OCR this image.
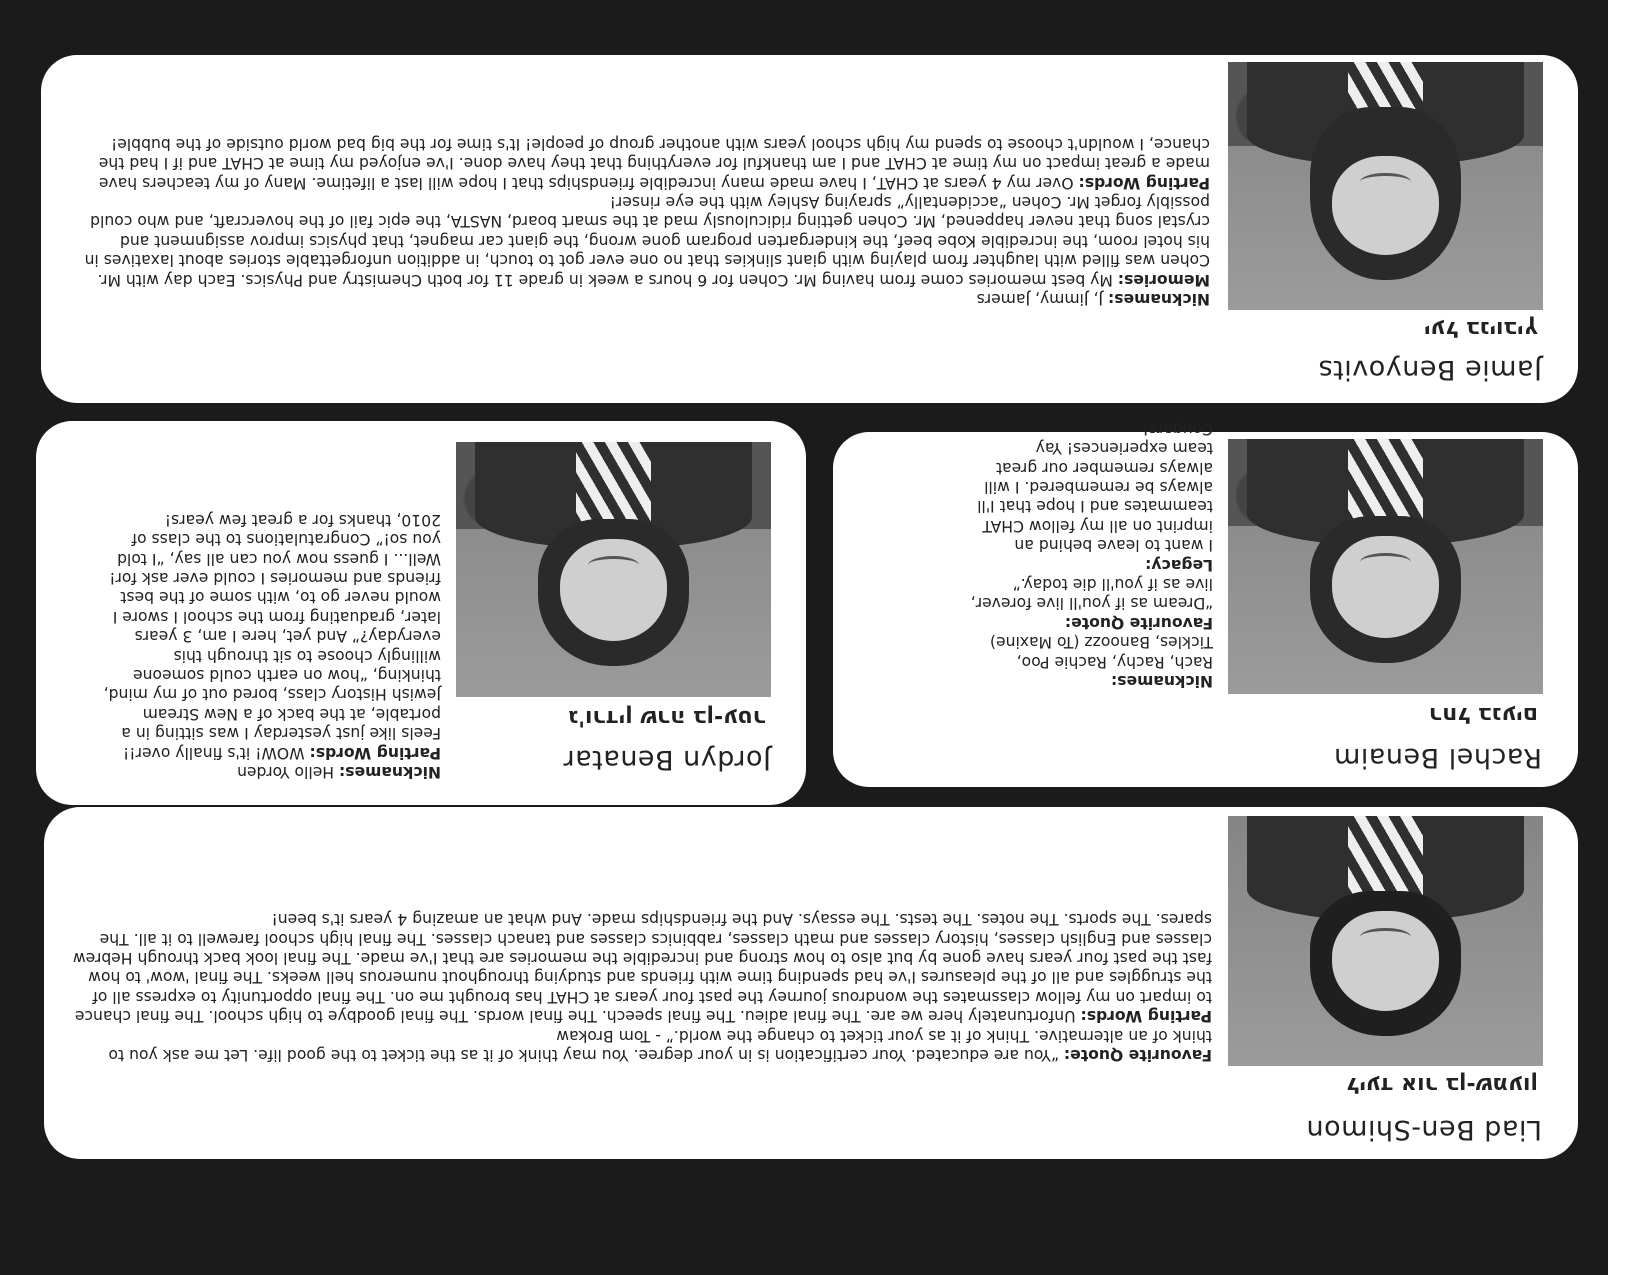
Liad Ben-Shimon
ליעד אור בן-שמעון

Favourite Quote: “You are educated. Your certification is in your degree. You may think of it as the ticket to the good life. Let me ask you to think of an alternative. Think of it as your ticket to change the world.” - Tom Brokaw

Parting Words: Unfortunately here we are. The final adieu. The final speech. The final words. The final goodbye to high school. The final chance to impart on my fellow classmates the wondrous journey the past four years at CHAT has brought me on. The final opportunity to express all of the struggles and all of the pleasures I've had spending time with friends and studying throughout numerous hell weeks. The final 'wow' to how fast the past four years have gone by but also to how strong and incredible the memories are that I've made. The final look back through Hebrew classes and English classes, history classes and math classes, rabbinics classes and tanach classes. The final high school farewell to it all. The spares. The sports. The notes. The tests. The essays. And the friendships made. And what an amazing 4 years it's been!

Rachel Benaim
רחל בנעים

Nicknames:

Rach, Rachy, Rachie Poo, Tickles, Banoozz (To Maxine)

Favourite Quote:

“Dream as if you'll live forever, live as if you'll die today.”

Legacy:

I want to leave behind an imprint on all my fellow CHAT teammates and I hope that I'll always be remembered. I will always remember our great team experiences! Yay Cougars!

Jordyn Benatar
ג'ורדין שרה בן-עטר

Nicknames: Hello Yorden

Parting Words: WOW! it's finally over!! Feels like just yesterday I was sitting in a portable, at the back of a New Stream Jewish History class, bored out of my mind, thinking, “how on earth could someone willingly choose to sit through this everyday?” And yet, here I am, 3 years later, graduating from the school I swore I would never go to, with some of the best friends and memories I could ever ask for! Well... I guess now you can all say, “I told you so!” Congratulations to the class of 2010, thanks for a great few years!

Jamie Benyovits
יעל בניוביץ

Nicknames: J, Jimmy, Jamers

Memories: My best memories come from having Mr. Cohen for 6 hours a week in grade 11 for both Chemistry and Physics. Each day with Mr. Cohen was filled with laughter from playing with giant slinkies that no one ever got to touch, in addition unforgettable stories about laxatives in his hotel room, the incredible Kobe beef, the kindergarten program gone wrong, the giant car magnet, that physics improv assignment and crystal song that never happened, Mr. Cohen getting ridiculously mad at the smart board, NASTA, the epic fail of the hovercraft, and who could possibly forget Mr. Cohen “accidentally” spraying Ashley with the eye rinser!

Parting Words: Over my 4 years at CHAT, I have made many incredible friendships that I hope will last a lifetime. Many of my teachers have made a great impact on my time at CHAT and I am thankful for everything that they have done. I've enjoyed my time at CHAT and if I had the chance, I wouldn't choose to spend my high school years with another group of people! It's time for the big bad world outside of the bubble!
